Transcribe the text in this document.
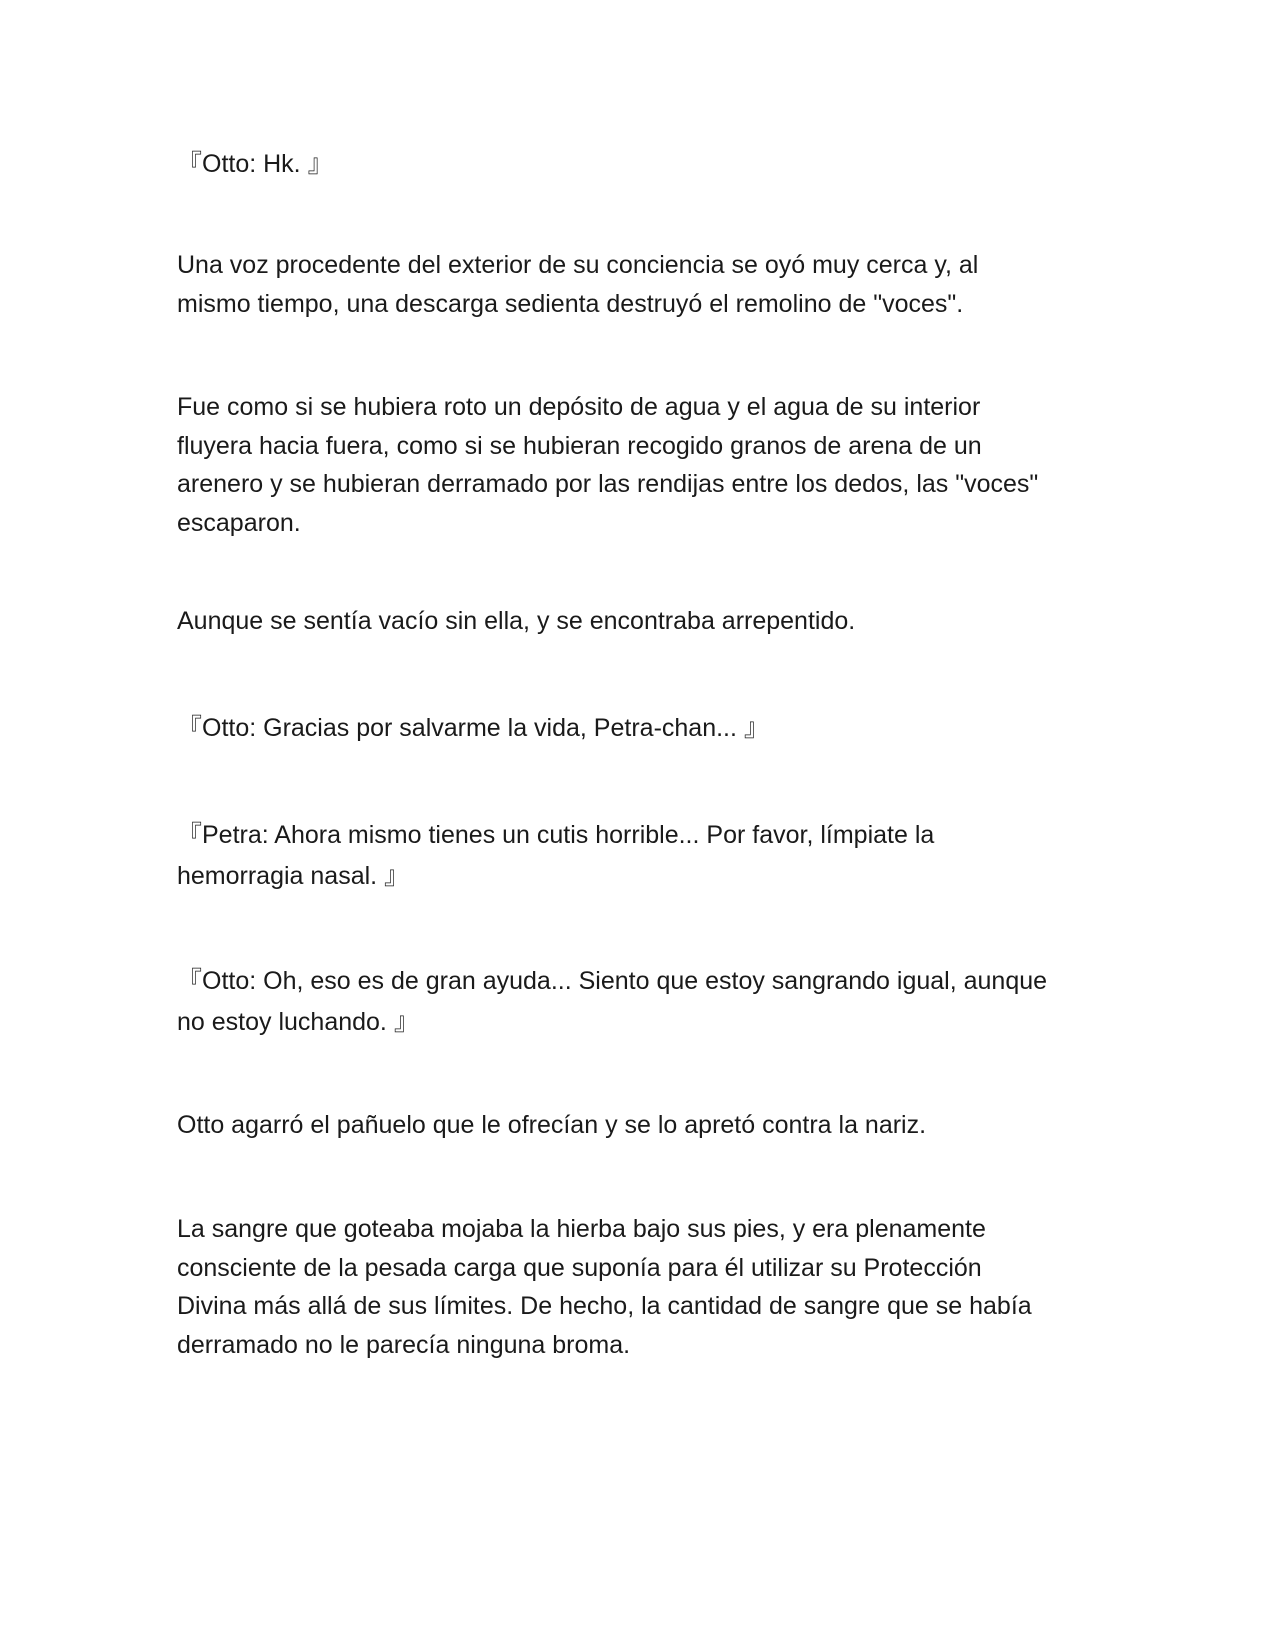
『Otto: Hk. 』

Una voz procedente del exterior de su conciencia se oyó muy cerca y, al
mismo tiempo, una descarga sedienta destruyó el remolino de "voces".

Fue como si se hubiera roto un depósito de agua y el agua de su interior
fluyera hacia fuera, como si se hubieran recogido granos de arena de un
arenero y se hubieran derramado por las rendijas entre los dedos, las "voces"
escaparon.

Aunque se sentía vacío sin ella, y se encontraba arrepentido.

『Otto: Gracias por salvarme la vida, Petra-chan... 』

『Petra: Ahora mismo tienes un cutis horrible... Por favor, límpiate la
hemorragia nasal. 』

『Otto: Oh, eso es de gran ayuda... Siento que estoy sangrando igual, aunque
no estoy luchando. 』

Otto agarró el pañuelo que le ofrecían y se lo apretó contra la nariz.

La sangre que goteaba mojaba la hierba bajo sus pies, y era plenamente
consciente de la pesada carga que suponía para él utilizar su Protección
Divina más allá de sus límites. De hecho, la cantidad de sangre que se había
derramado no le parecía ninguna broma.
